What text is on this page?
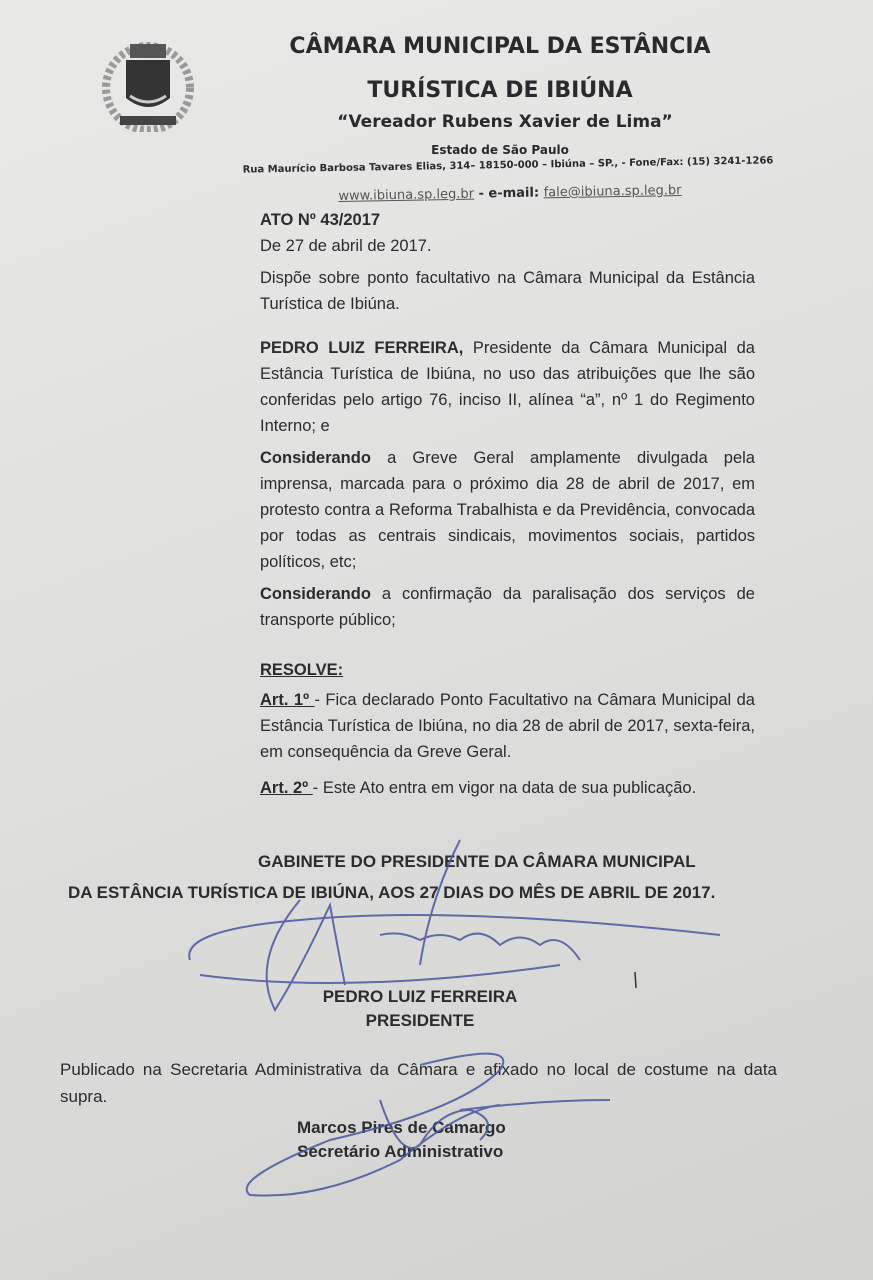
CÂMARA MUNICIPAL DA ESTÂNCIA
TURÍSTICA DE IBIÚNA
“Vereador Rubens Xavier de Lima”
Estado de São Paulo
Rua Maurício Barbosa Tavares Elias, 314– 18150-000 – Ibiúna – SP., - Fone/Fax: (15) 3241-1266
www.ibiuna.sp.leg.br - e-mail: fale@ibiuna.sp.leg.br

ATO Nº 43/2017

De 27 de abril de 2017.

Dispõe sobre ponto facultativo na Câmara Municipal da Estância Turística de Ibiúna.

PEDRO LUIZ FERREIRA, Presidente da Câmara Municipal da Estância Turística de Ibiúna, no uso das atribuições que lhe são conferidas pelo artigo 76, inciso II, alínea “a”, nº 1 do Regimento Interno; e

Considerando a Greve Geral amplamente divulgada pela imprensa, marcada para o próximo dia 28 de abril de 2017, em protesto contra a Reforma Trabalhista e da Previdência, convocada por todas as centrais sindicais, movimentos sociais, partidos políticos, etc;

Considerando a confirmação da paralisação dos serviços de transporte público;

RESOLVE:

Art. 1º - Fica declarado Ponto Facultativo na Câmara Municipal da Estância Turística de Ibiúna, no dia 28 de abril de 2017, sexta-feira, em consequência da Greve Geral.

Art. 2º - Este Ato entra em vigor na data de sua publicação.

GABINETE DO PRESIDENTE DA CÂMARA MUNICIPAL
DA ESTÂNCIA TURÍSTICA DE IBIÚNA, AOS 27 DIAS DO MÊS DE ABRIL DE 2017.
PEDRO LUIZ FERREIRA
PRESIDENTE
Publicado na Secretaria Administrativa da Câmara e afixado no local de costume na data supra.
Marcos Pires de Camargo
Secretário Administrativo
